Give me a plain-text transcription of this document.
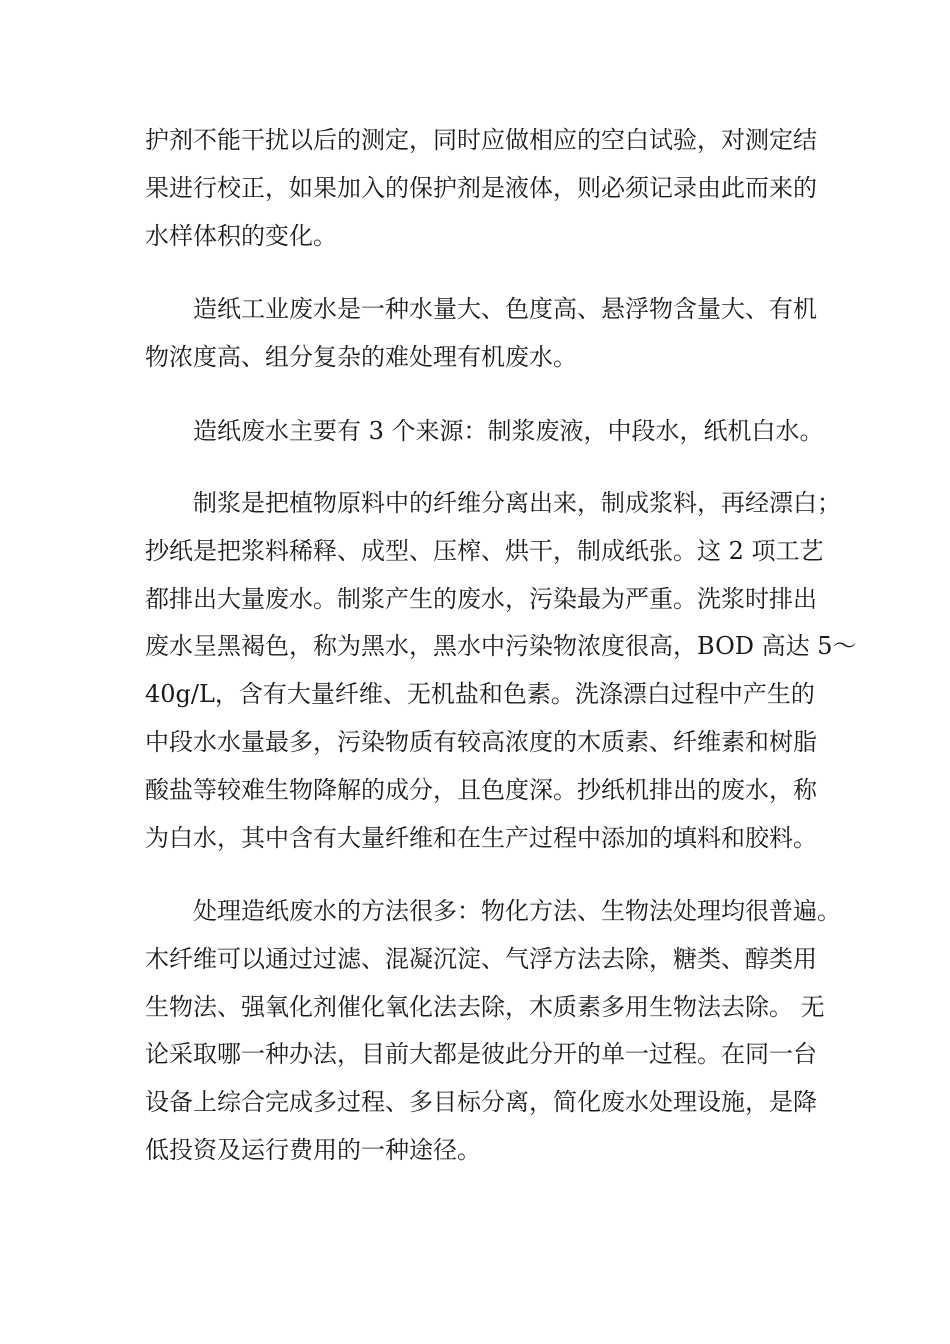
护剂不能干扰以后的测定，同时应做相应的空白试验，对测定结
果进行校正，如果加入的保护剂是液体，则必须记录由此而来的
水样体积的变化。
造纸工业废水是一种水量大、色度高、悬浮物含量大、有机
物浓度高、组分复杂的难处理有机废水。
造纸废水主要有 3 个来源：制浆废液，中段水，纸机白水。
制浆是把植物原料中的纤维分离出来，制成浆料，再经漂白；
抄纸是把浆料稀释、成型、压榨、烘干，制成纸张。这 2 项工艺
都排出大量废水。制浆产生的废水，污染最为严重。洗浆时排出
废水呈黑褐色，称为黑水，黑水中污染物浓度很高，BOD 高达 5～
40g/L，含有大量纤维、无机盐和色素。洗涤漂白过程中产生的
中段水水量最多，污染物质有较高浓度的木质素、纤维素和树脂
酸盐等较难生物降解的成分，且色度深。抄纸机排出的废水，称
为白水，其中含有大量纤维和在生产过程中添加的填料和胶料。
处理造纸废水的方法很多：物化方法、生物法处理均很普遍。
木纤维可以通过过滤、混凝沉淀、气浮方法去除，糖类、醇类用
生物法、强氧化剂催化氧化法去除，木质素多用生物法去除。 无
论采取哪一种办法，目前大都是彼此分开的单一过程。在同一台
设备上综合完成多过程、多目标分离，简化废水处理设施，是降
低投资及运行费用的一种途径。
